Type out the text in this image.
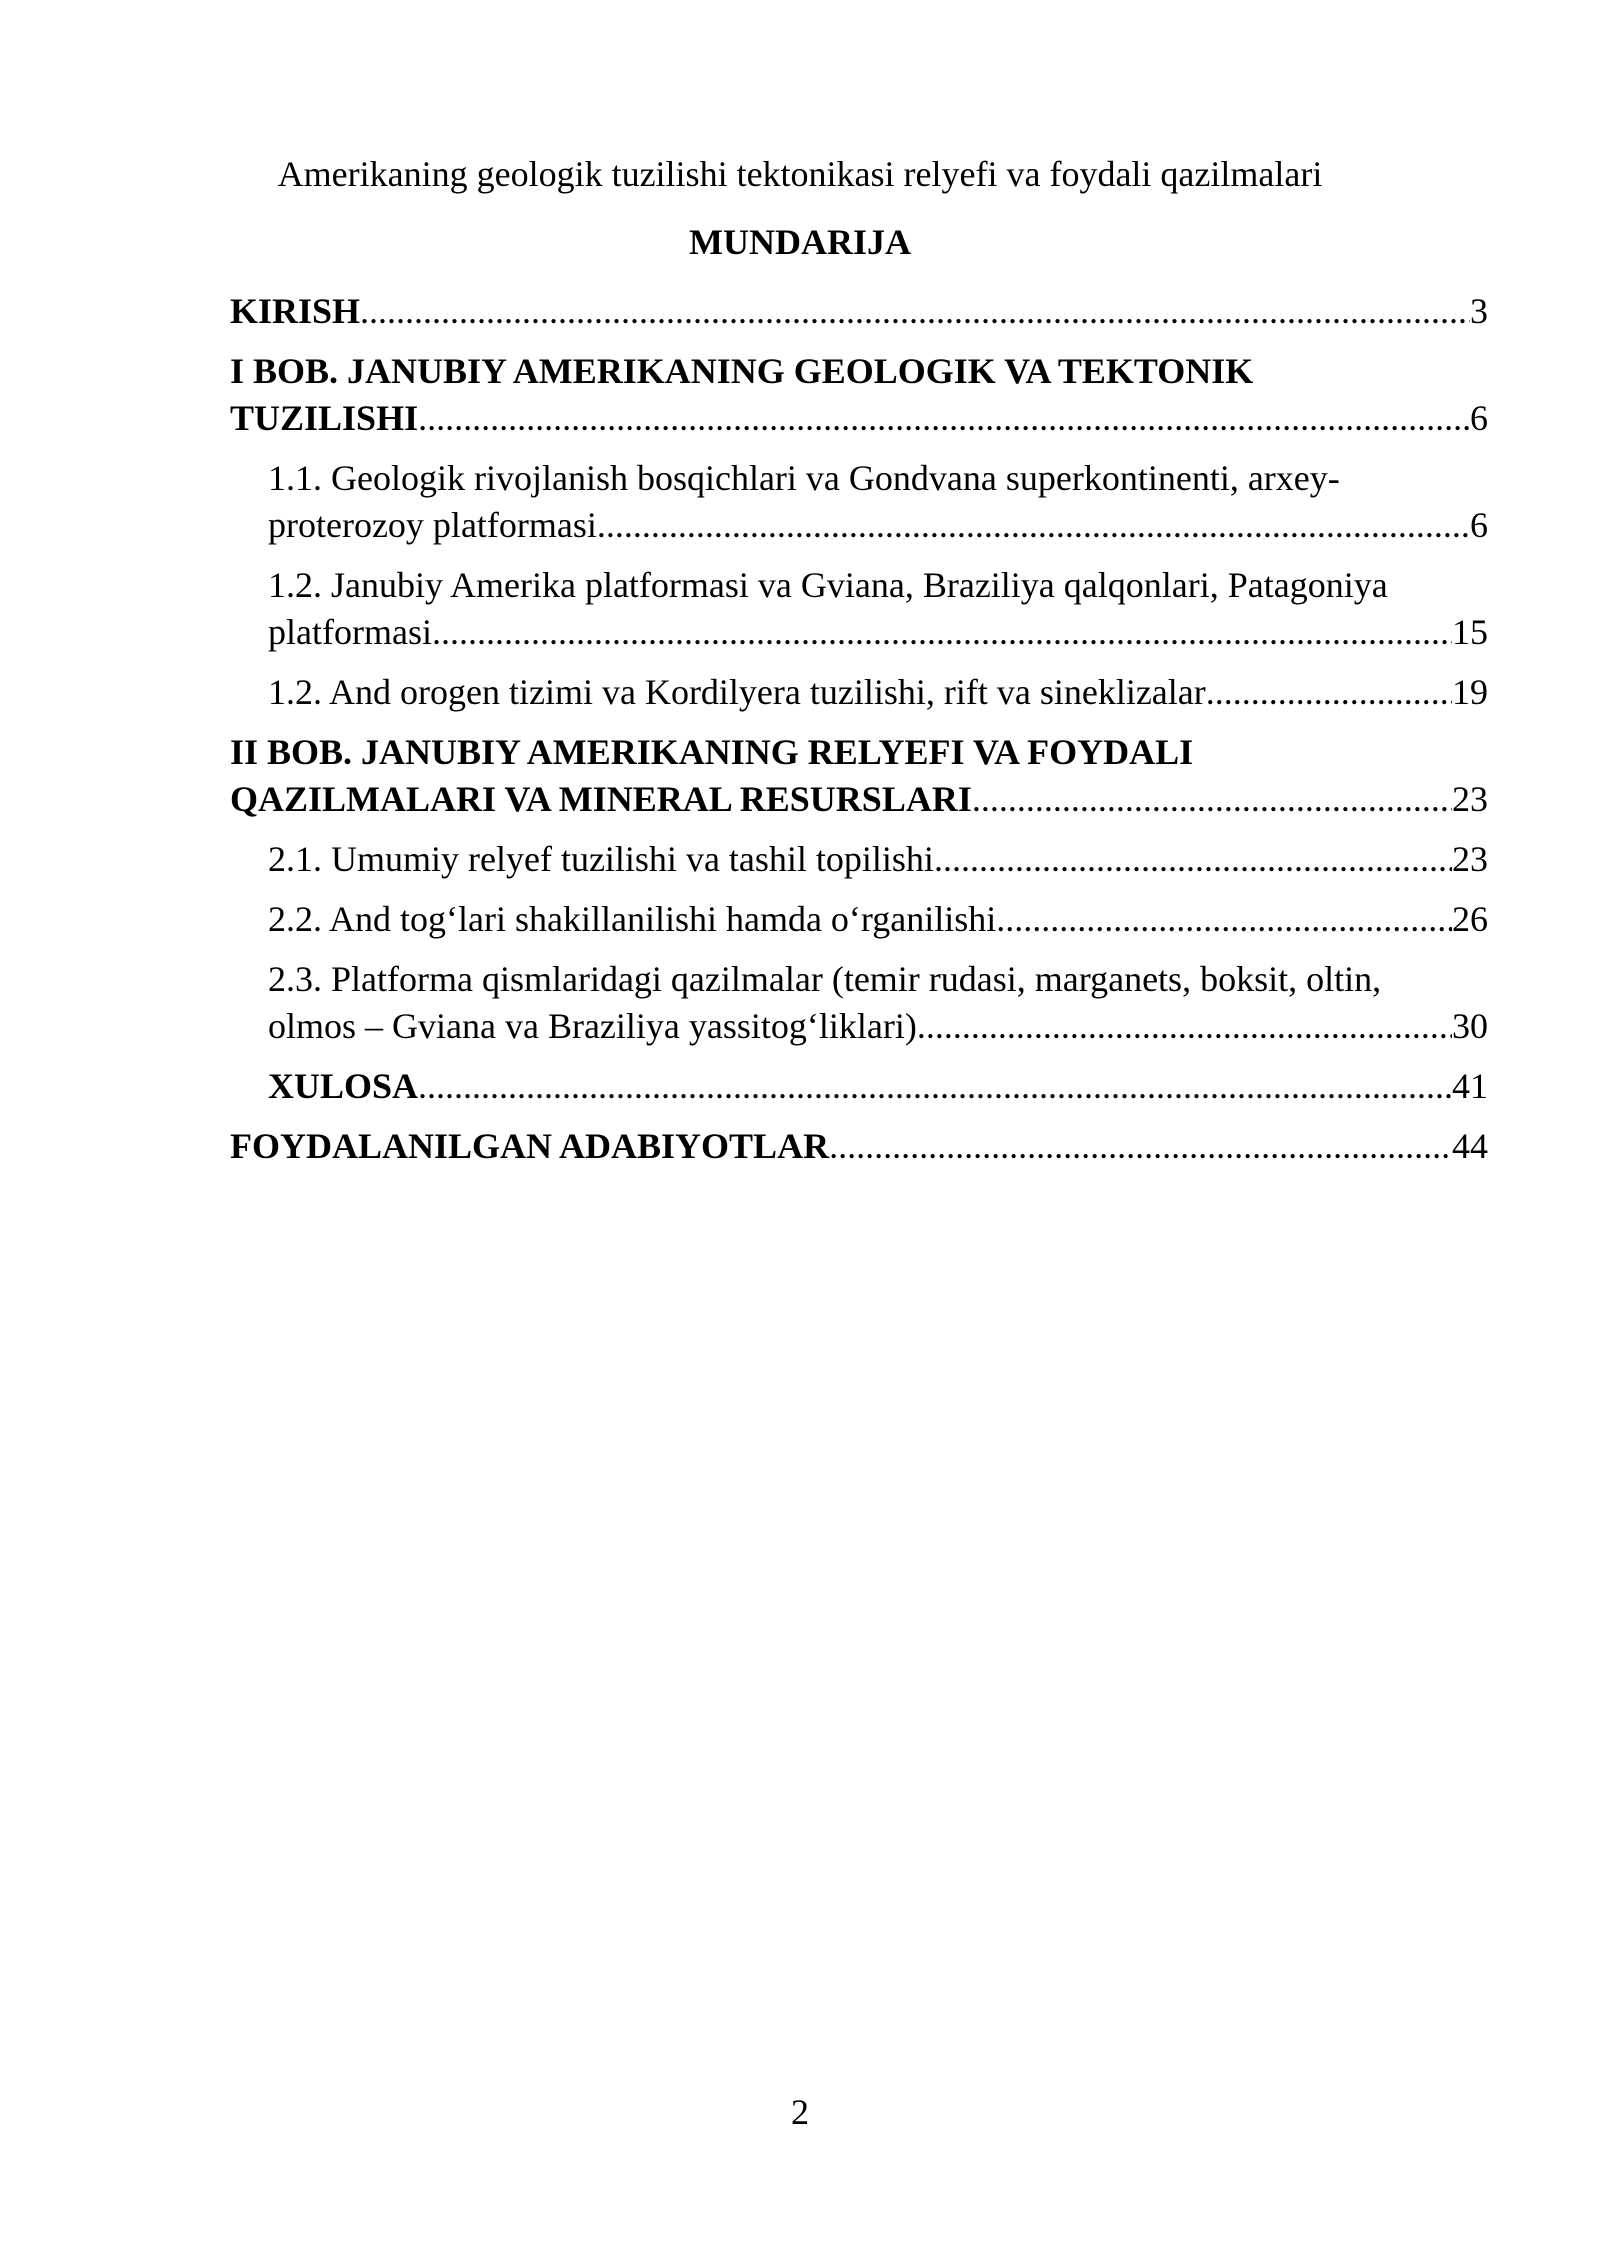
Amerikaning geologik tuzilishi tektonikasi relyefi va foydali qazilmalari

MUNDARIJA
KIRISH .....	3
I BOB. JANUBIY AMERIKANING GEOLOGIK VA TEKTONIK
TUZILISHI .....	6
1.1. Geologik rivojlanish bosqichlari va Gondvana superkontinenti, arxey-
proterozoy platformasi .....	6
1.2. Janubiy Amerika platformasi va Gviana, Braziliya qalqonlari, Patagoniya
platformasi .....	15
1.2. And orogen tizimi va Kordilyera tuzilishi, rift va sineklizalar .....	19
II BOB. JANUBIY AMERIKANING RELYEFI VA FOYDALI
QAZILMALARI VA MINERAL RESURSLARI .....	23
2.1. Umumiy relyef tuzilishi va tashil topilishi .....	23
2.2. And tog‘lari shakillanilishi hamda o‘rganilishi .....	26
2.3. Platforma qismlaridagi qazilmalar (temir rudasi, marganets, boksit, oltin,
olmos – Gviana va Braziliya yassitog‘liklari) .....	30
XULOSA .....	41
FOYDALANILGAN ADABIYOTLAR .....	44
2
